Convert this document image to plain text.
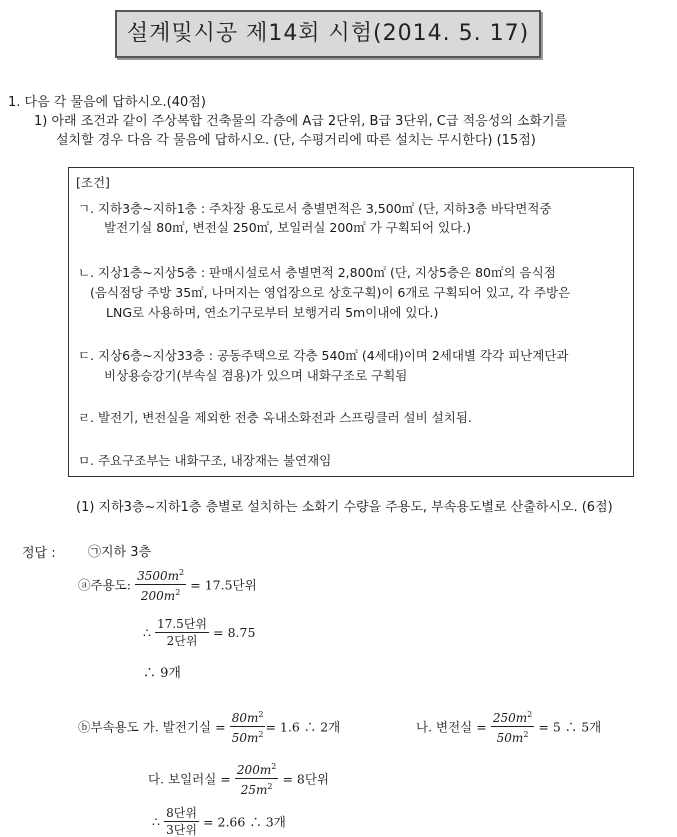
설계및시공 제14회 시험(2014. 5. 17)
1. 다음 각 물음에 답하시오.(40점)
1) 아래 조건과 같이 주상복합 건축물의 각층에 A급 2단위, B급 3단위, C급 적응성의 소화기를
설치할 경우 다음 각 물음에 답하시오. (단, 수평거리에 따른 설치는 무시한다) (15점)
[조건]
ㄱ. 지하3층~지하1층 : 주차장 용도로서 층별면적은 3,500㎡ (단, 지하3층 바닥면적중
발전기실 80㎡, 변전실 250㎡, 보일러실 200㎡ 가 구획되어 있다.)
ㄴ. 지상1층~지상5층 : 판매시설로서 층별면적 2,800㎡ (단, 지상5층은 80㎡의 음식점
(음식점당 주방 35㎡, 나머지는 영업장으로 상호구획)이 6개로 구획되어 있고, 각 주방은
LNG로 사용하며, 연소기구로부터 보행거리 5m이내에 있다.)
ㄷ. 지상6층~지상33층 : 공동주택으로 각층 540㎡ (4세대)이며 2세대별 각각 피난계단과
비상용승강기(부속실 겸용)가 있으며 내화구조로 구획됨
ㄹ. 발전기, 변전실을 제외한 전층 옥내소화전과 스프링클러 설비 설치됨.
ㅁ. 주요구조부는 내화구조, 내장재는 불연재임
(1) 지하3층~지하1층 층별로 설치하는 소화기 수량을 주용도, 부속용도별로 산출하시오. (6점)
정답 : ㉠지하 3층
ⓐ주용도: $\frac{3500m^2}{200m^2} = 17.5$단위
∴ $\frac{\text{17.5단위}}{\text{2단위}} = 8.75$
∴ 9개
ⓑ부속용도 가. 발전기실 = $\frac{80m^2}{50m^2} = 1.6$ ∴ 2개	나. 변전실 = $\frac{250m^2}{50m^2} = 5$ ∴ 5개
다. 보일러실 = $\frac{200m^2}{25m^2} = 8$단위
∴ $\frac{\text{8단위}}{\text{3단위}} = 2.66$ ∴ 3개
